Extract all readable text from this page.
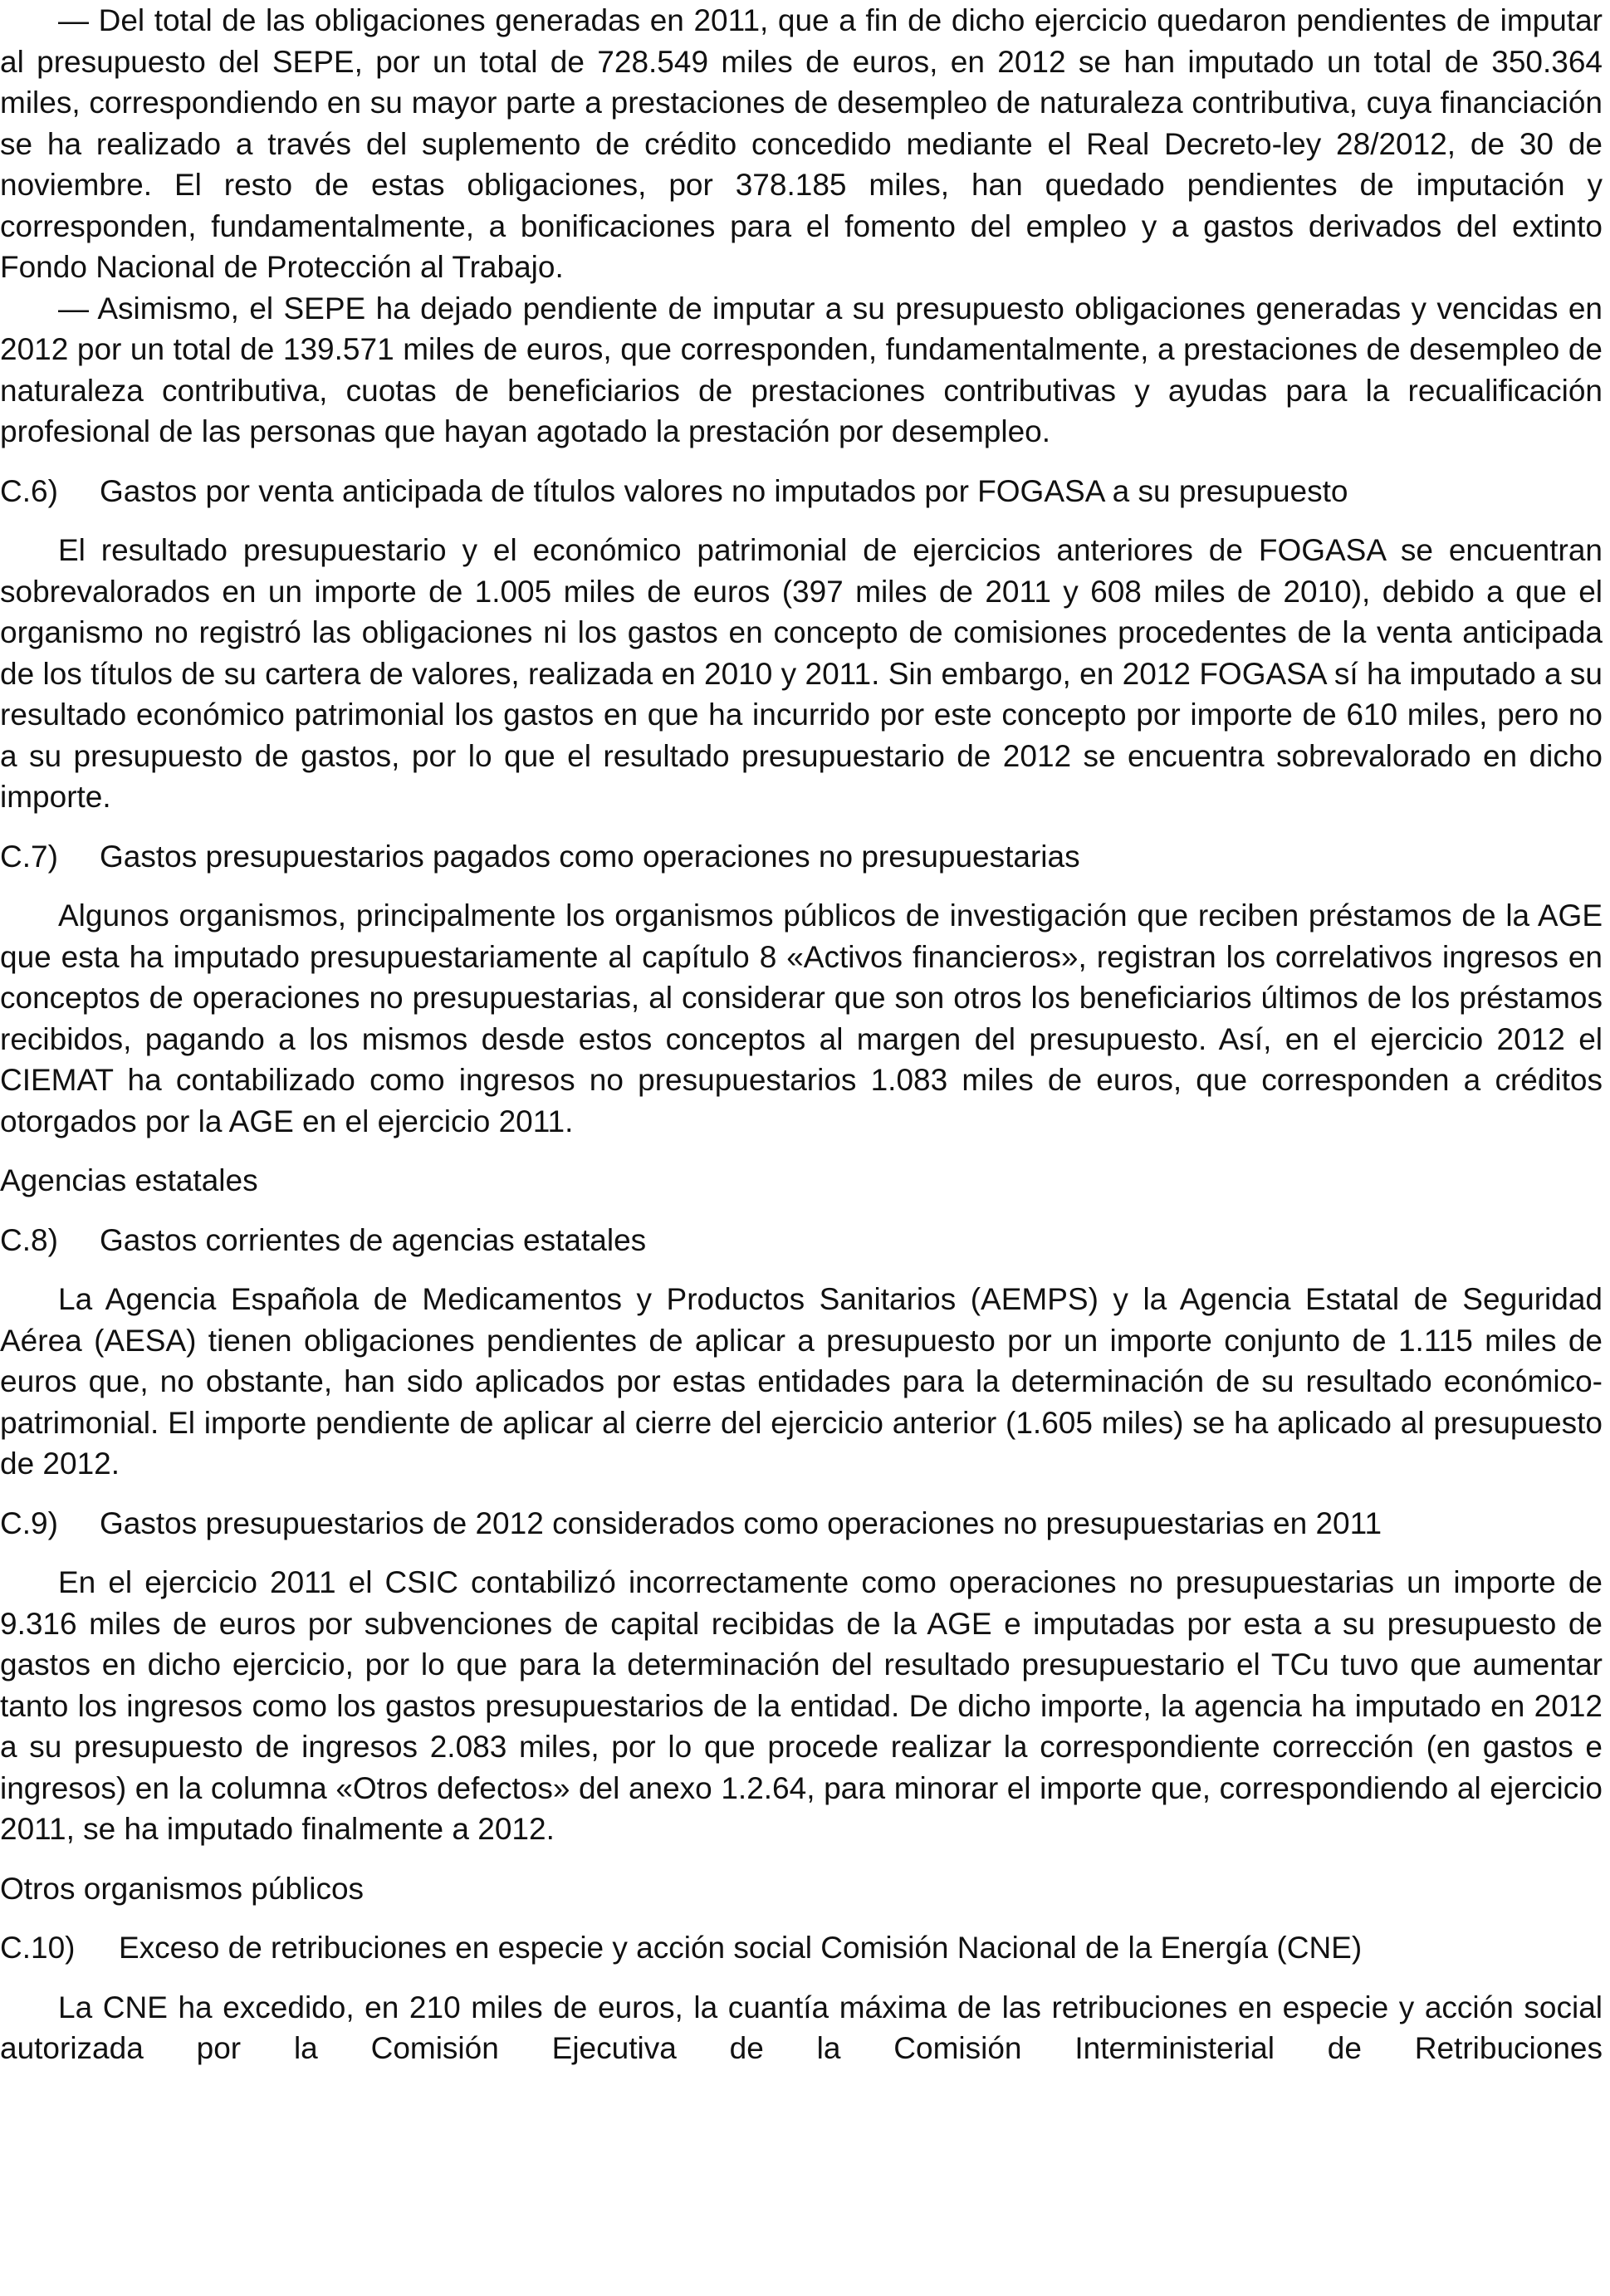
— Del total de las obligaciones generadas en 2011, que a fin de dicho ejercicio quedaron pendientes de imputar al presupuesto del SEPE, por un total de 728.549 miles de euros, en 2012 se han imputado un total de 350.364 miles, correspondiendo en su mayor parte a prestaciones de desempleo de naturaleza contributiva, cuya financiación se ha realizado a través del suplemento de crédito concedido mediante el Real Decreto-ley 28/2012, de 30 de noviembre. El resto de estas obligaciones, por 378.185 miles, han quedado pendientes de imputación y corresponden, fundamentalmente, a bonificaciones para el fomento del empleo y a gastos derivados del extinto Fondo Nacional de Protección al Trabajo.

— Asimismo, el SEPE ha dejado pendiente de imputar a su presupuesto obligaciones generadas y vencidas en 2012 por un total de 139.571 miles de euros, que corresponden, fundamentalmente, a prestaciones de desempleo de naturaleza contributiva, cuotas de beneficiarios de prestaciones contributivas y ayudas para la recualificación profesional de las personas que hayan agotado la prestación por desempleo.

C.6) Gastos por venta anticipada de títulos valores no imputados por FOGASA a su presupuesto

El resultado presupuestario y el económico patrimonial de ejercicios anteriores de FOGASA se encuentran sobrevalorados en un importe de 1.005 miles de euros (397 miles de 2011 y 608 miles de 2010), debido a que el organismo no registró las obligaciones ni los gastos en concepto de comisiones procedentes de la venta anticipada de los títulos de su cartera de valores, realizada en 2010 y 2011. Sin embargo, en 2012 FOGASA sí ha imputado a su resultado económico patrimonial los gastos en que ha incurrido por este concepto por importe de 610 miles, pero no a su presupuesto de gastos, por lo que el resultado presupuestario de 2012 se encuentra sobrevalorado en dicho importe.

C.7) Gastos presupuestarios pagados como operaciones no presupuestarias

Algunos organismos, principalmente los organismos públicos de investigación que reciben préstamos de la AGE que esta ha imputado presupuestariamente al capítulo 8 «Activos financieros», registran los correlativos ingresos en conceptos de operaciones no presupuestarias, al considerar que son otros los beneficiarios últimos de los préstamos recibidos, pagando a los mismos desde estos conceptos al margen del presupuesto. Así, en el ejercicio 2012 el CIEMAT ha contabilizado como ingresos no presupuestarios 1.083 miles de euros, que corresponden a créditos otorgados por la AGE en el ejercicio 2011.

Agencias estatales

C.8) Gastos corrientes de agencias estatales

La Agencia Española de Medicamentos y Productos Sanitarios (AEMPS) y la Agencia Estatal de Seguridad Aérea (AESA) tienen obligaciones pendientes de aplicar a presupuesto por un importe conjunto de 1.115 miles de euros que, no obstante, han sido aplicados por estas entidades para la determinación de su resultado económico-patrimonial. El importe pendiente de aplicar al cierre del ejercicio anterior (1.605 miles) se ha aplicado al presupuesto de 2012.

C.9) Gastos presupuestarios de 2012 considerados como operaciones no presupuestarias en 2011

En el ejercicio 2011 el CSIC contabilizó incorrectamente como operaciones no presupuestarias un importe de 9.316 miles de euros por subvenciones de capital recibidas de la AGE e imputadas por esta a su presupuesto de gastos en dicho ejercicio, por lo que para la determinación del resultado presupuestario el TCu tuvo que aumentar tanto los ingresos como los gastos presupuestarios de la entidad. De dicho importe, la agencia ha imputado en 2012 a su presupuesto de ingresos 2.083 miles, por lo que procede realizar la correspondiente corrección (en gastos e ingresos) en la columna «Otros defectos» del anexo 1.2.64, para minorar el importe que, correspondiendo al ejercicio 2011, se ha imputado finalmente a 2012.

Otros organismos públicos

C.10) Exceso de retribuciones en especie y acción social Comisión Nacional de la Energía (CNE)

La CNE ha excedido, en 210 miles de euros, la cuantía máxima de las retribuciones en especie y acción social autorizada por la Comisión Ejecutiva de la Comisión Interministerial de Retribuciones
